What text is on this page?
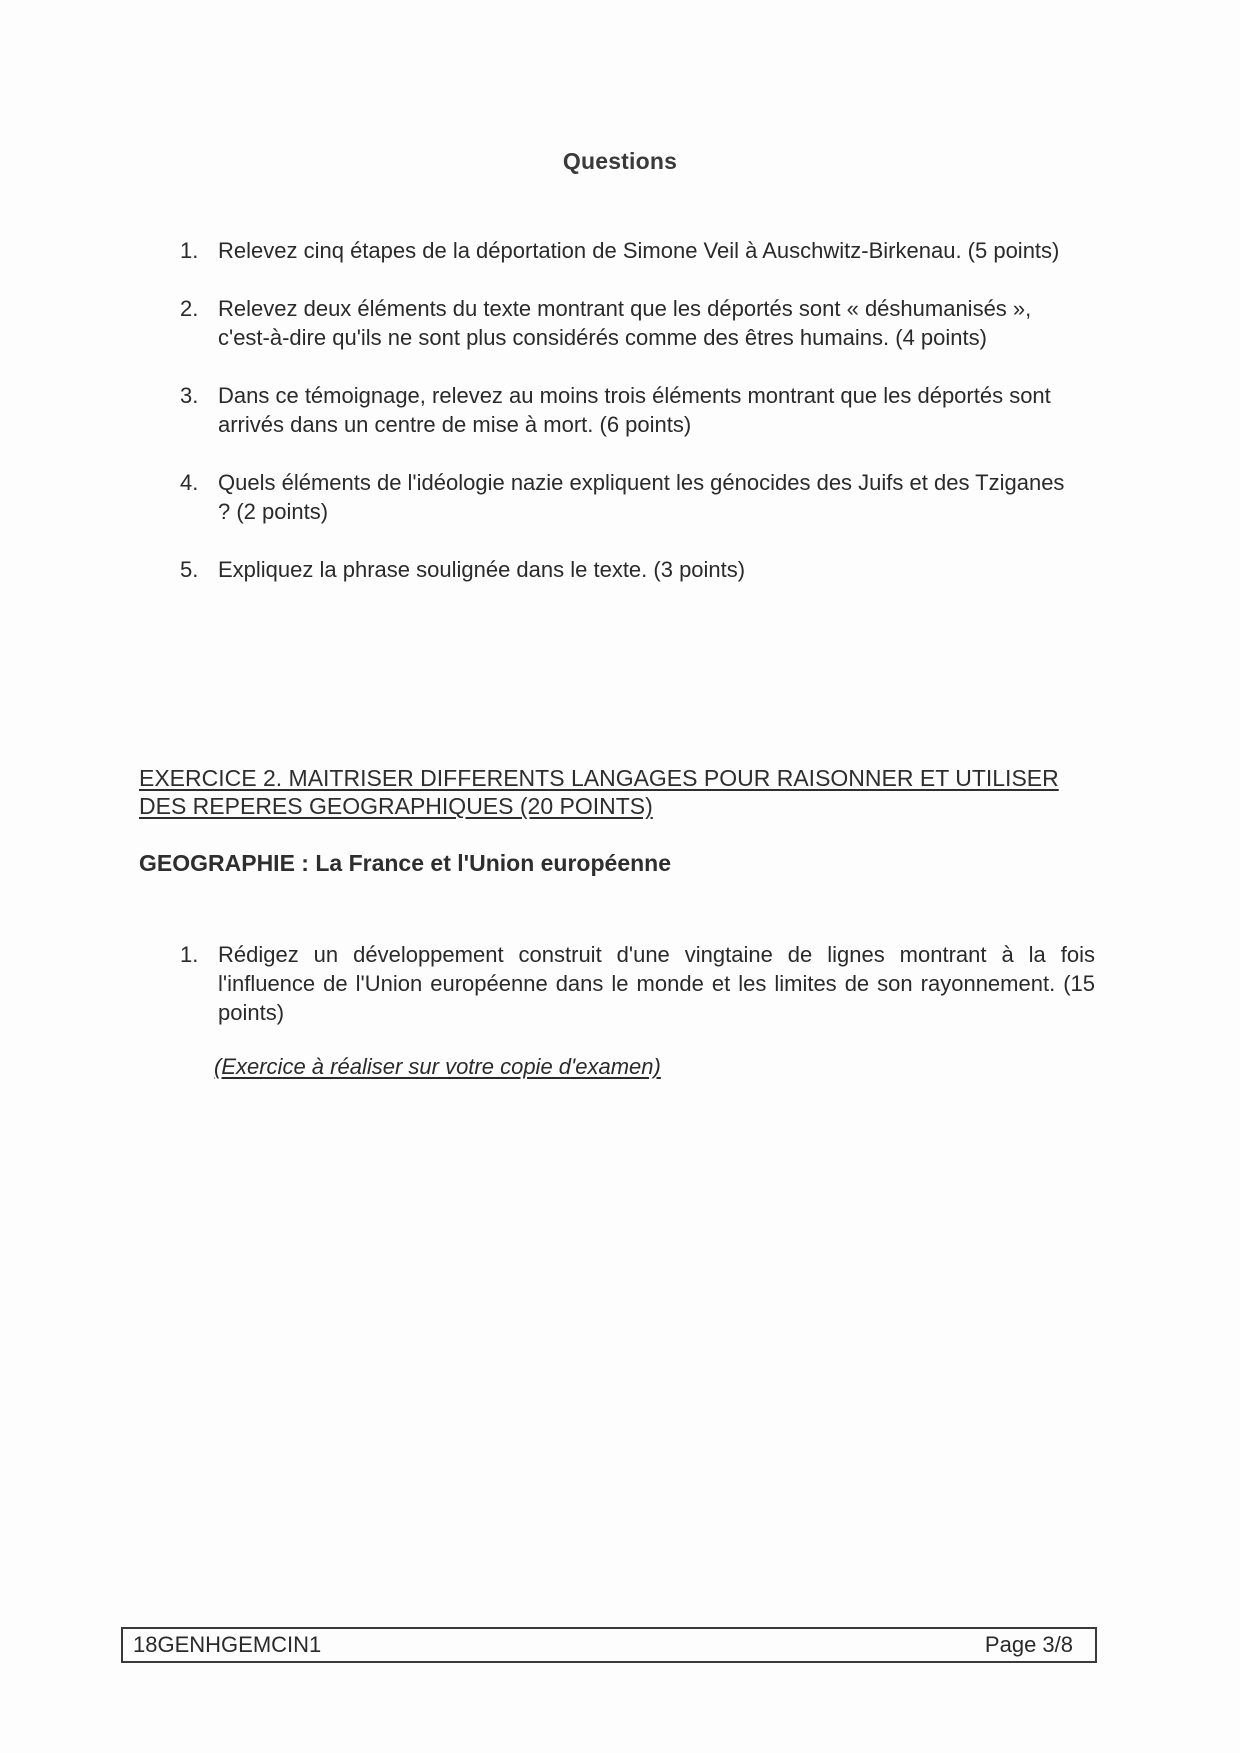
Questions
1. Relevez cinq étapes de la déportation de Simone Veil à Auschwitz-Birkenau. (5 points)
2. Relevez deux éléments du texte montrant que les déportés sont « déshumanisés », c'est-à-dire qu'ils ne sont plus considérés comme des êtres humains. (4 points)
3. Dans ce témoignage, relevez au moins trois éléments montrant que les déportés sont arrivés dans un centre de mise à mort. (6 points)
4. Quels éléments de l'idéologie nazie expliquent les génocides des Juifs et des Tziganes ? (2 points)
5. Expliquez la phrase soulignée dans le texte. (3 points)
EXERCICE 2. MAITRISER DIFFERENTS LANGAGES POUR RAISONNER ET UTILISER DES REPERES GEOGRAPHIQUES (20 POINTS)
GEOGRAPHIE : La France et l'Union européenne
1. Rédigez un développement construit d'une vingtaine de lignes montrant à la fois l'influence de l'Union européenne dans le monde et les limites de son rayonnement. (15 points)
(Exercice à réaliser sur votre copie d'examen)
18GENHGEMCIN1	Page 3/8
